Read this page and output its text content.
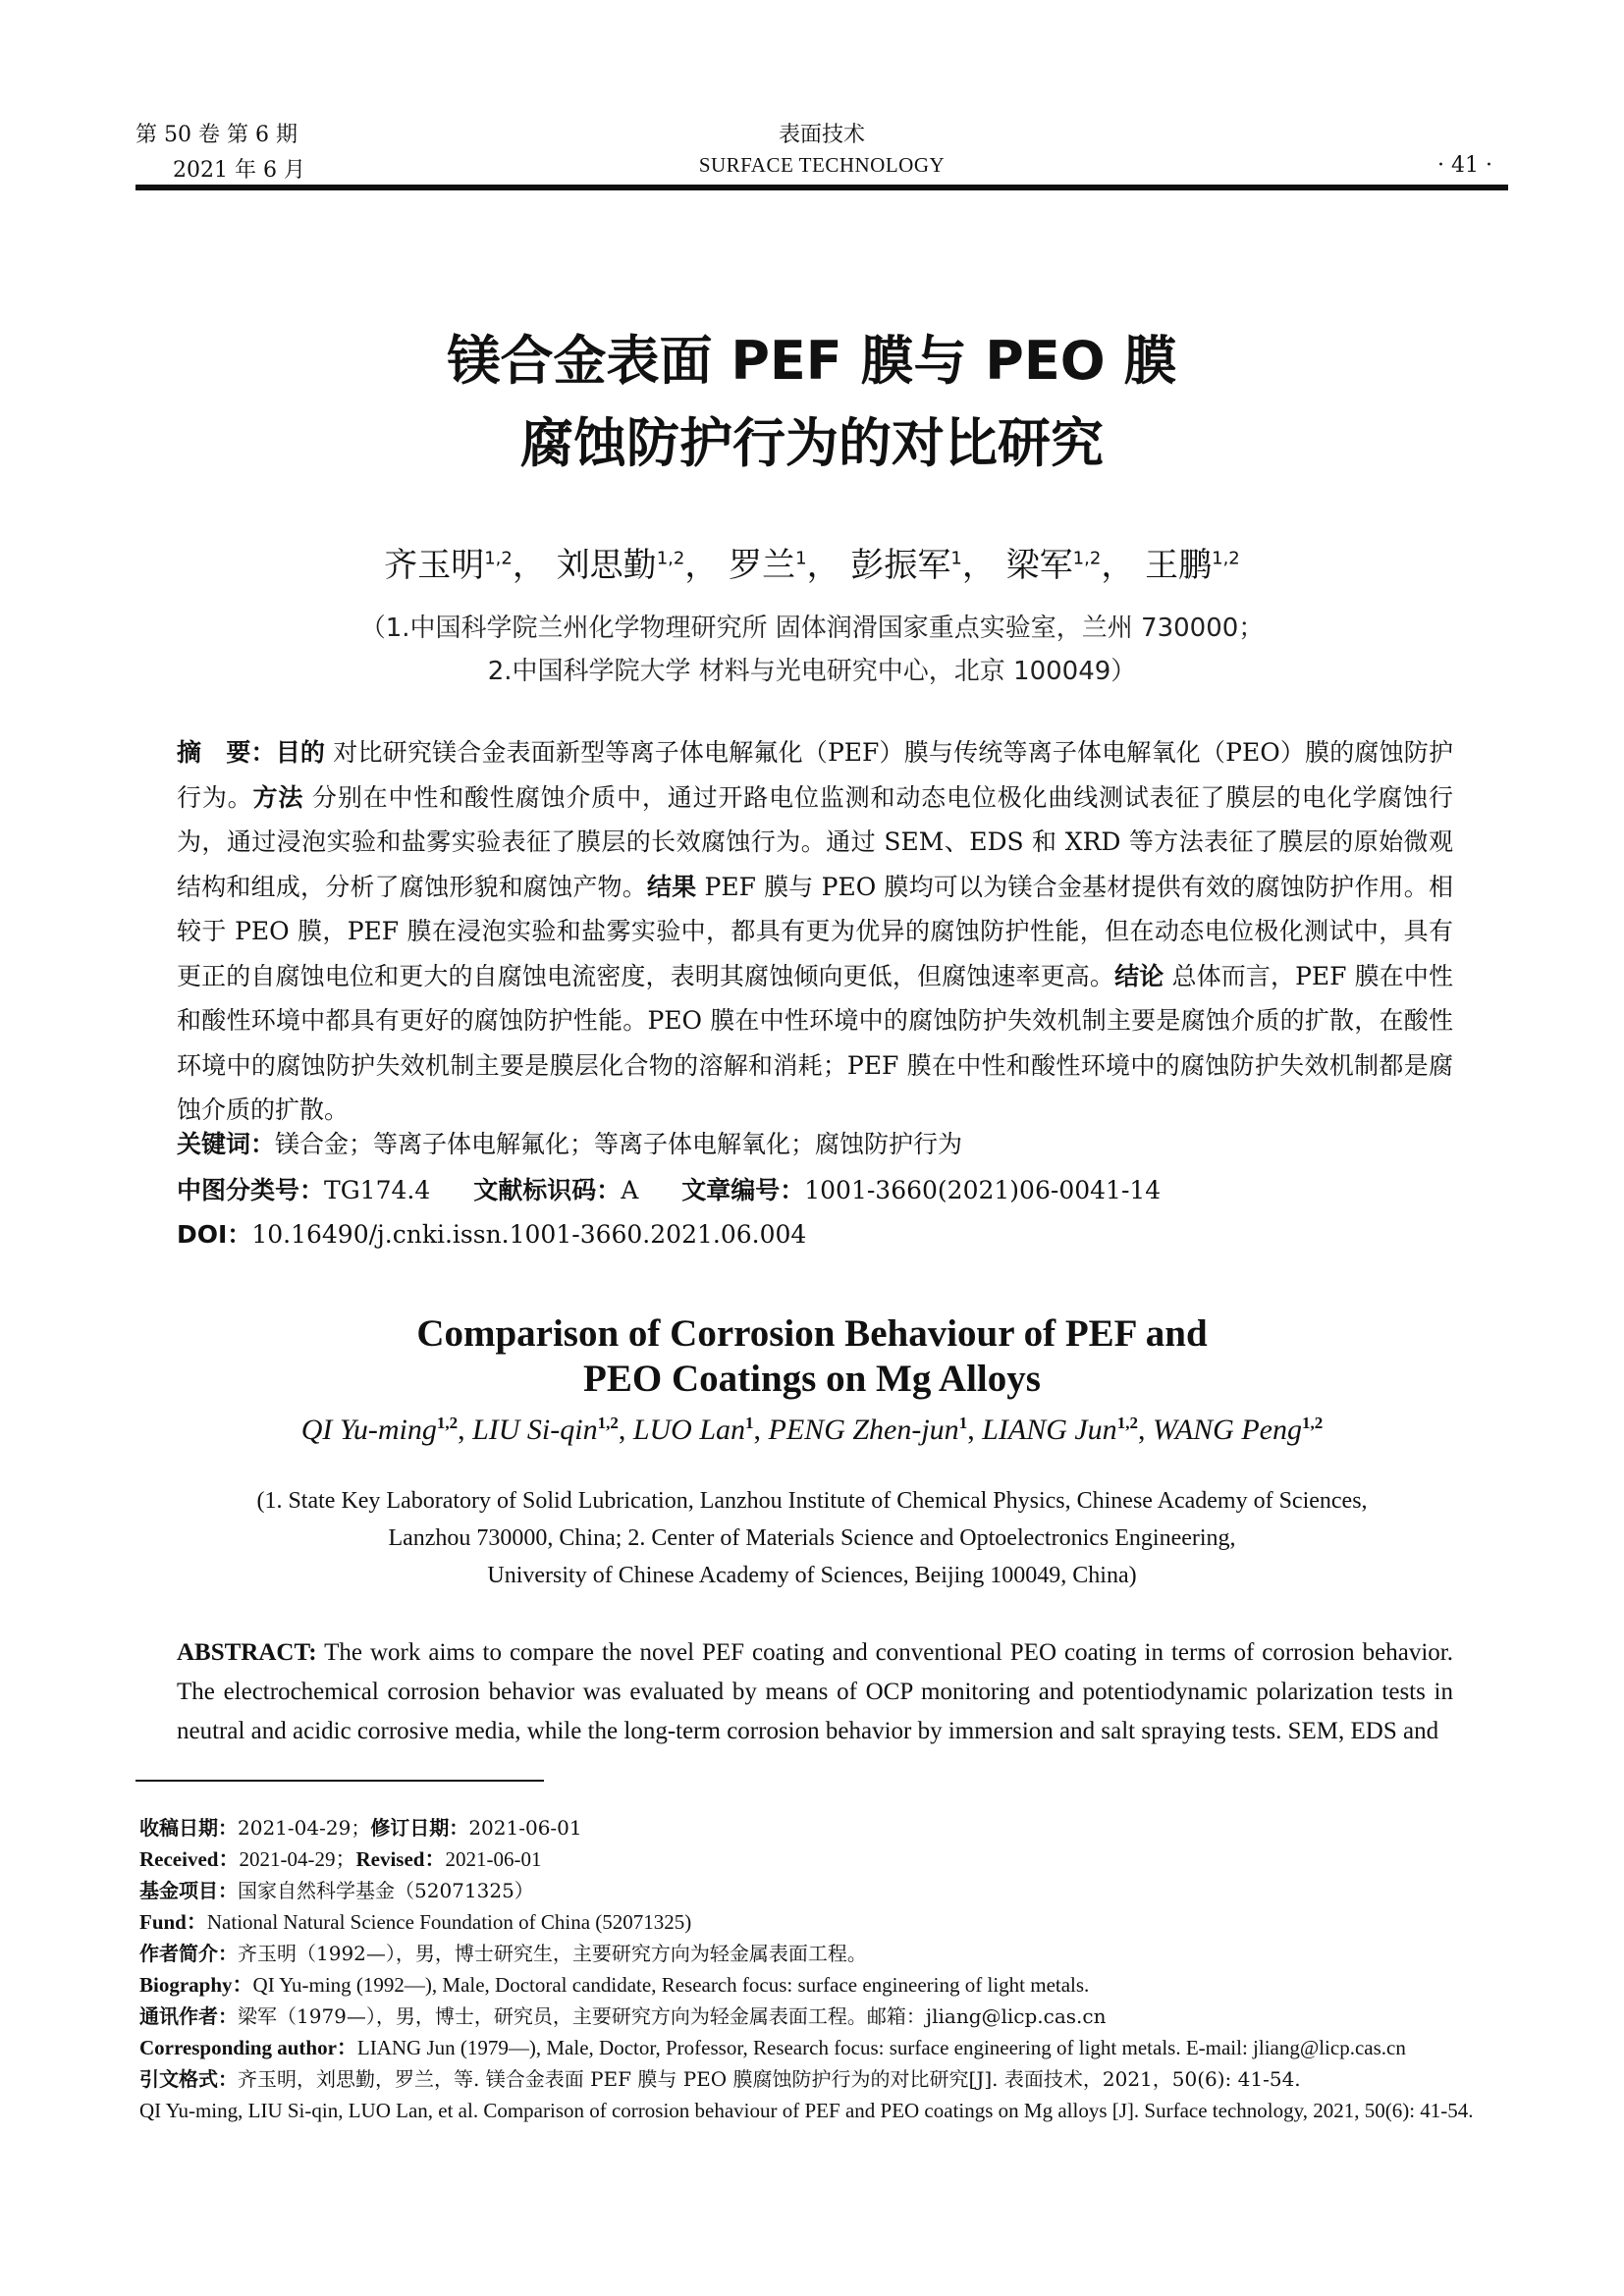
第 50 卷 第 6 期
2021 年 6 月
表面技术
SURFACE TECHNOLOGY	· 41 ·
镁合金表面 PEF 膜与 PEO 膜
腐蚀防护行为的对比研究
齐玉明$^{1,2}$， 刘思勤$^{1,2}$， 罗兰$^1$， 彭振军$^1$， 梁军$^{1,2}$， 王鹏$^{1,2}$
（1.中国科学院兰州化学物理研究所 固体润滑国家重点实验室，兰州 730000；
2.中国科学院大学 材料与光电研究中心，北京 100049）
摘　要：目的 对比研究镁合金表面新型等离子体电解氟化（PEF）膜与传统等离子体电解氧化（PEO）膜的腐蚀防护行为。方法 分别在中性和酸性腐蚀介质中，通过开路电位监测和动态电位极化曲线测试表征了膜层的电化学腐蚀行为，通过浸泡实验和盐雾实验表征了膜层的长效腐蚀行为。通过 SEM、EDS 和 XRD 等方法表征了膜层的原始微观结构和组成，分析了腐蚀形貌和腐蚀产物。结果 PEF 膜与 PEO 膜均可以为镁合金基材提供有效的腐蚀防护作用。相较于 PEO 膜，PEF 膜在浸泡实验和盐雾实验中，都具有更为优异的腐蚀防护性能，但在动态电位极化测试中，具有更正的自腐蚀电位和更大的自腐蚀电流密度，表明其腐蚀倾向更低，但腐蚀速率更高。结论 总体而言，PEF 膜在中性和酸性环境中都具有更好的腐蚀防护性能。PEO 膜在中性环境中的腐蚀防护失效机制主要是腐蚀介质的扩散，在酸性环境中的腐蚀防护失效机制主要是膜层化合物的溶解和消耗；PEF 膜在中性和酸性环境中的腐蚀防护失效机制都是腐蚀介质的扩散。
关键词：镁合金；等离子体电解氟化；等离子体电解氧化；腐蚀防护行为
中图分类号：TG174.4 文献标识码：A 文章编号：1001-3660(2021)06-0041-14
DOI：10.16490/j.cnki.issn.1001-3660.2021.06.004
Comparison of Corrosion Behaviour of PEF and
PEO Coatings on Mg Alloys
QI Yu-ming$^{1,2}$, LIU Si-qin$^{1,2}$, LUO Lan$^1$, PENG Zhen-jun$^1$, LIANG Jun$^{1,2}$, WANG Peng$^{1,2}$
(1. State Key Laboratory of Solid Lubrication, Lanzhou Institute of Chemical Physics, Chinese Academy of Sciences,
Lanzhou 730000, China; 2. Center of Materials Science and Optoelectronics Engineering,
University of Chinese Academy of Sciences, Beijing 100049, China)
ABSTRACT: The work aims to compare the novel PEF coating and conventional PEO coating in terms of corrosion behavior. The electrochemical corrosion behavior was evaluated by means of OCP monitoring and potentiodynamic polarization tests in neutral and acidic corrosive media, while the long-term corrosion behavior by immersion and salt spraying tests. SEM, EDS and
收稿日期：2021-04-29；修订日期：2021-06-01
Received：2021-04-29；Revised：2021-06-01
基金项目：国家自然科学基金（52071325）
Fund：National Natural Science Foundation of China (52071325)
作者简介：齐玉明（1992—），男，博士研究生，主要研究方向为轻金属表面工程。
Biography：QI Yu-ming (1992—), Male, Doctoral candidate, Research focus: surface engineering of light metals.
通讯作者：梁军（1979—），男，博士，研究员，主要研究方向为轻金属表面工程。邮箱：jliang@licp.cas.cn
Corresponding author：LIANG Jun (1979—), Male, Doctor, Professor, Research focus: surface engineering of light metals. E-mail: jliang@licp.cas.cn
引文格式：齐玉明，刘思勤，罗兰，等. 镁合金表面 PEF 膜与 PEO 膜腐蚀防护行为的对比研究[J]. 表面技术，2021，50(6): 41-54.
QI Yu-ming, LIU Si-qin, LUO Lan, et al. Comparison of corrosion behaviour of PEF and PEO coatings on Mg alloys [J]. Surface technology, 2021, 50(6): 41-54.
